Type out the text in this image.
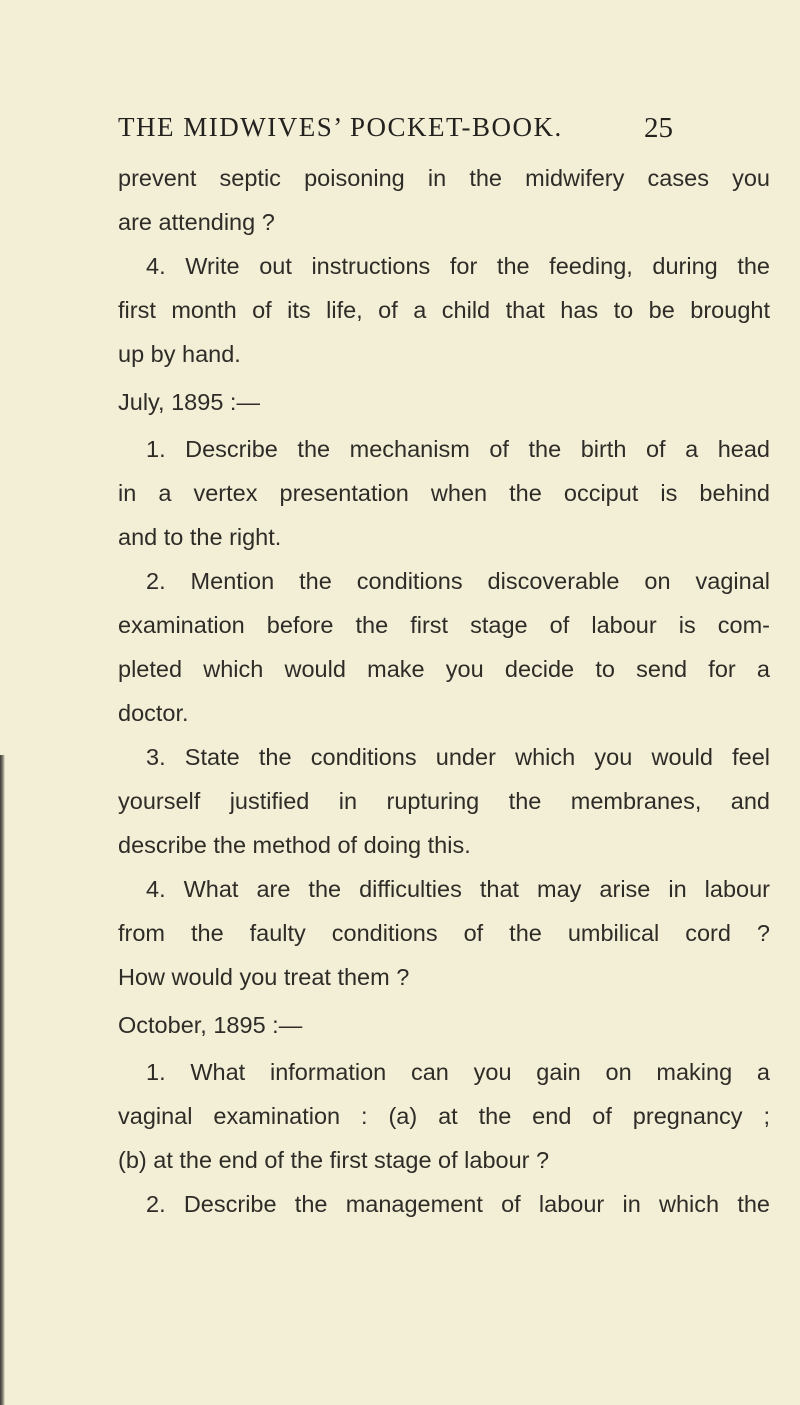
THE MIDWIVES’ POCKET-BOOK.	25
prevent septic poisoning in the midwifery cases you
are attending ?
4. Write out instructions for the feeding, during the
first month of its life, of a child that has to be brought
up by hand.
July, 1895 :—
1. Describe the mechanism of the birth of a head
in a vertex presentation when the occiput is behind
and to the right.
2. Mention the conditions discoverable on vaginal
examination before the first stage of labour is com-
pleted which would make you decide to send for a
doctor.
3. State the conditions under which you would feel
yourself justified in rupturing the membranes, and
describe the method of doing this.
4. What are the difficulties that may arise in labour
from the faulty conditions of the umbilical cord ?
How would you treat them ?
October, 1895 :—
1. What information can you gain on making a
vaginal examination : (a) at the end of pregnancy ;
(b) at the end of the first stage of labour ?
2. Describe the management of labour in which the
